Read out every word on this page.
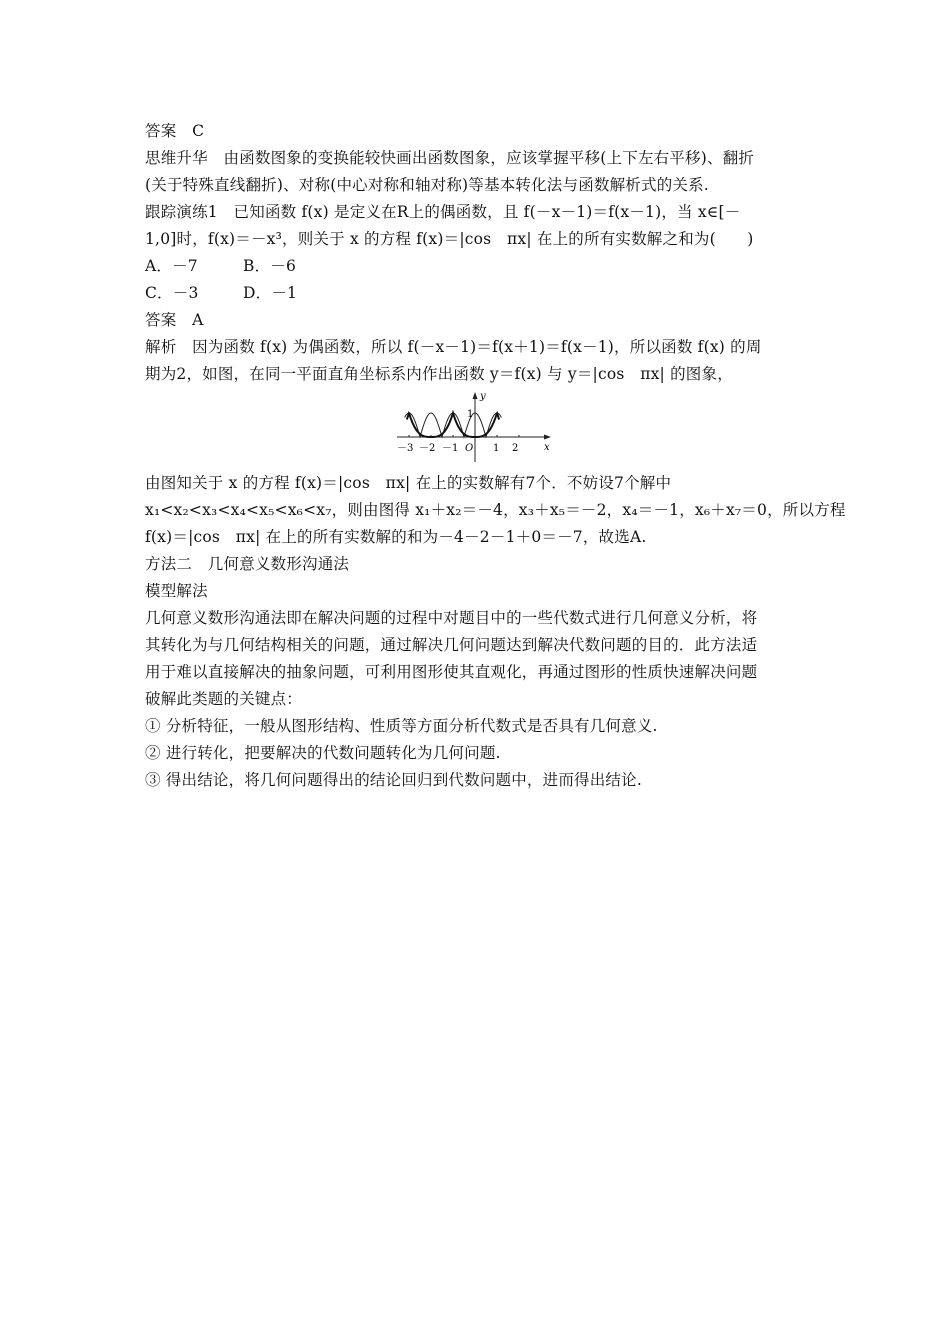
答案　C
思维升华　由函数图象的变换能较快画出函数图象，应该掌握平移(上下左右平移)、翻折
(关于特殊直线翻折)、对称(中心对称和轴对称)等基本转化法与函数解析式的关系.
跟踪演练1　已知函数 f(x) 是定义在R上的偶函数，且 f(－x－1)＝f(x－1)，当 x∈[－
1,0]时，f(x)＝－x³，则关于 x 的方程 f(x)＝|cos　πx| 在上的所有实数解之和为(　　)
A．－7	B．－6
C．－3	D．－1
答案　A
解析　因为函数 f(x) 为偶函数，所以 f(－x－1)＝f(x＋1)＝f(x－1)，所以函数 f(x) 的周
期为2，如图，在同一平面直角坐标系内作出函数 y＝f(x) 与 y＝|cos　πx| 的图象，
y
x
1
O
－3 －2 －1	1 2
由图知关于 x 的方程 f(x)＝|cos　πx| 在上的实数解有7个．不妨设7个解中
x₁<x₂<x₃<x₄<x₅<x₆<x₇，则由图得 x₁＋x₂＝－4，x₃＋x₅＝－2，x₄＝－1，x₆＋x₇＝0，所以方程
f(x)＝|cos　πx| 在上的所有实数解的和为－4－2－1＋0＝－7，故选A.
方法二　几何意义数形沟通法
模型解法
几何意义数形沟通法即在解决问题的过程中对题目中的一些代数式进行几何意义分析，将
其转化为与几何结构相关的问题，通过解决几何问题达到解决代数问题的目的．此方法适
用于难以直接解决的抽象问题，可利用图形使其直观化，再通过图形的性质快速解决问题
破解此类题的关键点：
① 分析特征，一般从图形结构、性质等方面分析代数式是否具有几何意义.
② 进行转化，把要解决的代数问题转化为几何问题.
③ 得出结论，将几何问题得出的结论回归到代数问题中，进而得出结论.
